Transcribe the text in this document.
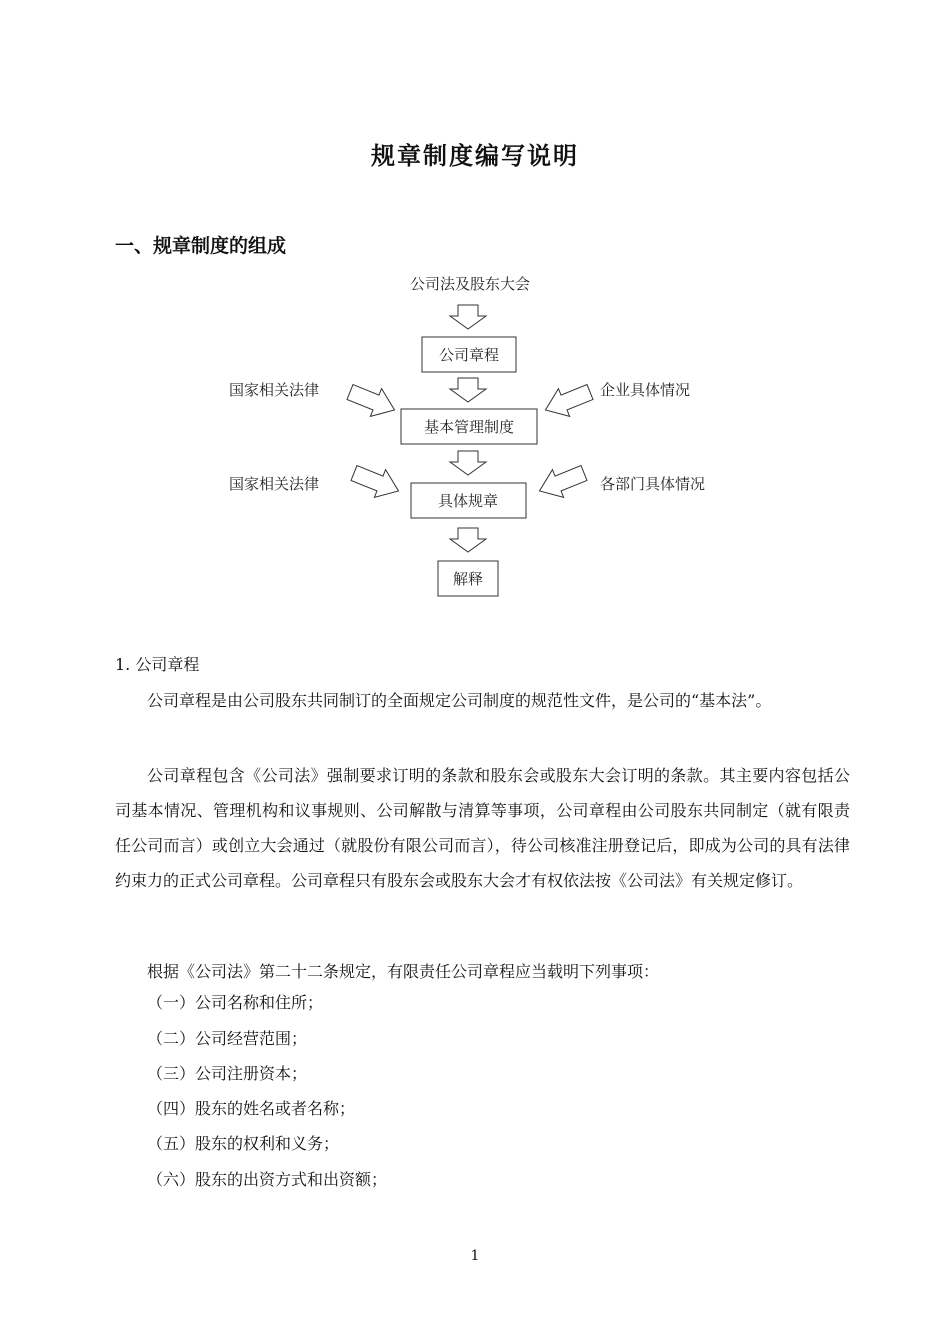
规章制度编写说明
一、规章制度的组成
公司法及股东大会
公司章程
基本管理制度
具体规章
解释
国家相关法律
国家相关法律
企业具体情况
各部门具体情况
1. 公司章程
公司章程是由公司股东共同制订的全面规定公司制度的规范性文件，是公司的“基本法”。
公司章程包含《公司法》强制要求订明的条款和股东会或股东大会订明的条款。其主要内容包括公司基本情况、管理机构和议事规则、公司解散与清算等事项，公司章程由公司股东共同制定（就有限责任公司而言）或创立大会通过（就股份有限公司而言），待公司核准注册登记后，即成为公司的具有法律约束力的正式公司章程。公司章程只有股东会或股东大会才有权依法按《公司法》有关规定修订。
根据《公司法》第二十二条规定，有限责任公司章程应当载明下列事项：
（一）公司名称和住所；
（二）公司经营范围；
（三）公司注册资本；
（四）股东的姓名或者名称；
（五）股东的权利和义务；
（六）股东的出资方式和出资额；
1
